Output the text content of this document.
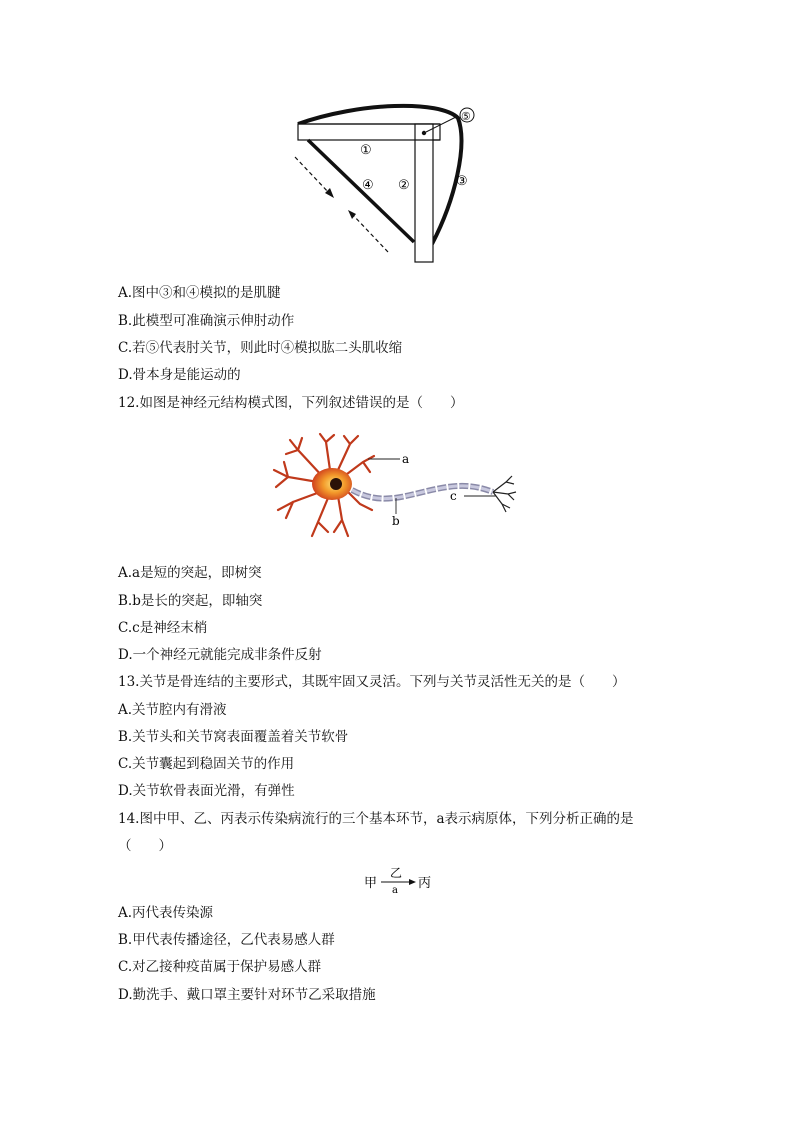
①
②	③
④
⑤
A.图中③和④模拟的是肌腱
B.此模型可准确演示伸肘动作
C.若⑤代表肘关节，则此时④模拟肱二头肌收缩
D.骨本身是能运动的
12.如图是神经元结构模式图，下列叙述错误的是（　　）
a
b
c
A.a是短的突起，即树突
B.b是长的突起，即轴突
C.c是神经末梢
D.一个神经元就能完成非条件反射
13.关节是骨连结的主要形式，其既牢固又灵活。下列与关节灵活性无关的是（　　）
A.关节腔内有滑液
B.关节头和关节窝表面覆盖着关节软骨
C.关节囊起到稳固关节的作用
D.关节软骨表面光滑，有弹性
14.图中甲、乙、丙表示传染病流行的三个基本环节，a表示病原体，下列分析正确的是
（　　）
甲
乙
a 丙
A.丙代表传染源
B.甲代表传播途径，乙代表易感人群
C.对乙接种疫苗属于保护易感人群
D.勤洗手、戴口罩主要针对环节乙采取措施
